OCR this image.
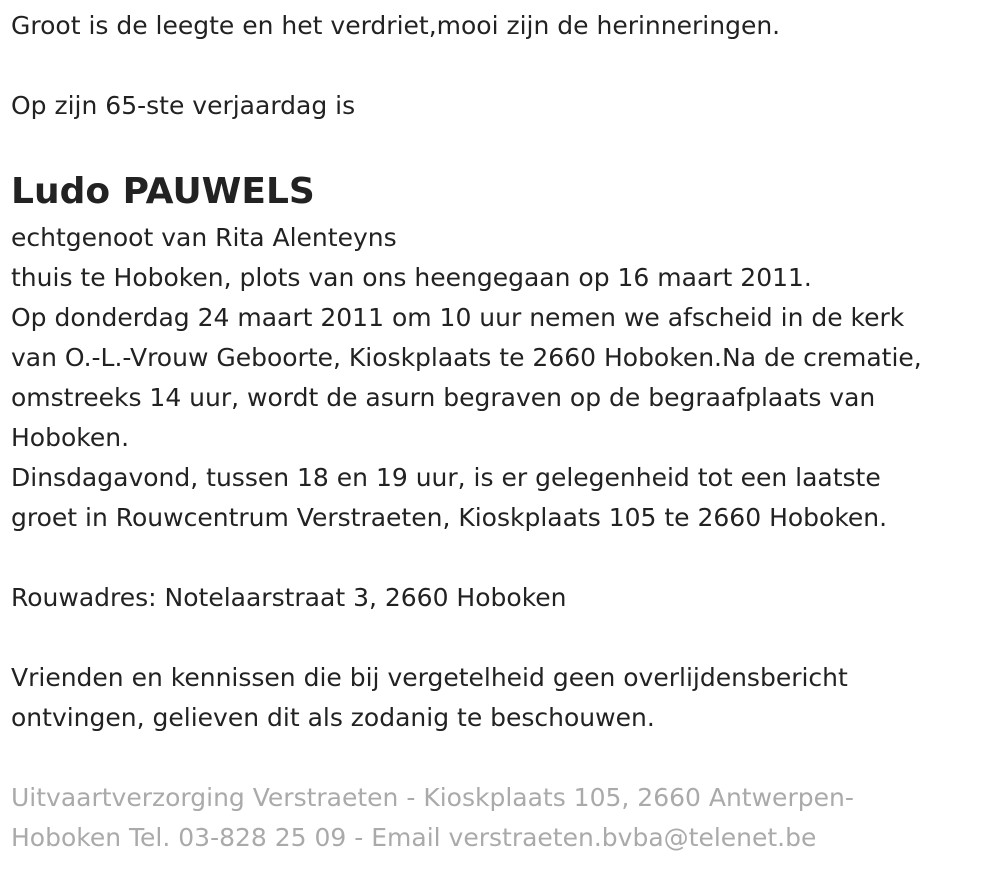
Groot is de leegte en het verdriet,mooi zijn de herinneringen.
Op zijn 65-ste verjaardag is
Ludo PAUWELS
echtgenoot van Rita Alenteyns
thuis te Hoboken, plots van ons heengegaan op 16 maart 2011.
Op donderdag 24 maart 2011 om 10 uur nemen we afscheid in de kerk
van O.-L.-Vrouw Geboorte, Kioskplaats te 2660 Hoboken.Na de crematie,
omstreeks 14 uur, wordt de asurn begraven op de begraafplaats van
Hoboken.
Dinsdagavond, tussen 18 en 19 uur, is er gelegenheid tot een laatste
groet in Rouwcentrum Verstraeten, Kioskplaats 105 te 2660 Hoboken.
Rouwadres: Notelaarstraat 3, 2660 Hoboken
Vrienden en kennissen die bij vergetelheid geen overlijdensbericht
ontvingen, gelieven dit als zodanig te beschouwen.
Uitvaartverzorging Verstraeten - Kioskplaats 105, 2660 Antwerpen-
Hoboken Tel. 03-828 25 09 - Email verstraeten.bvba@telenet.be
